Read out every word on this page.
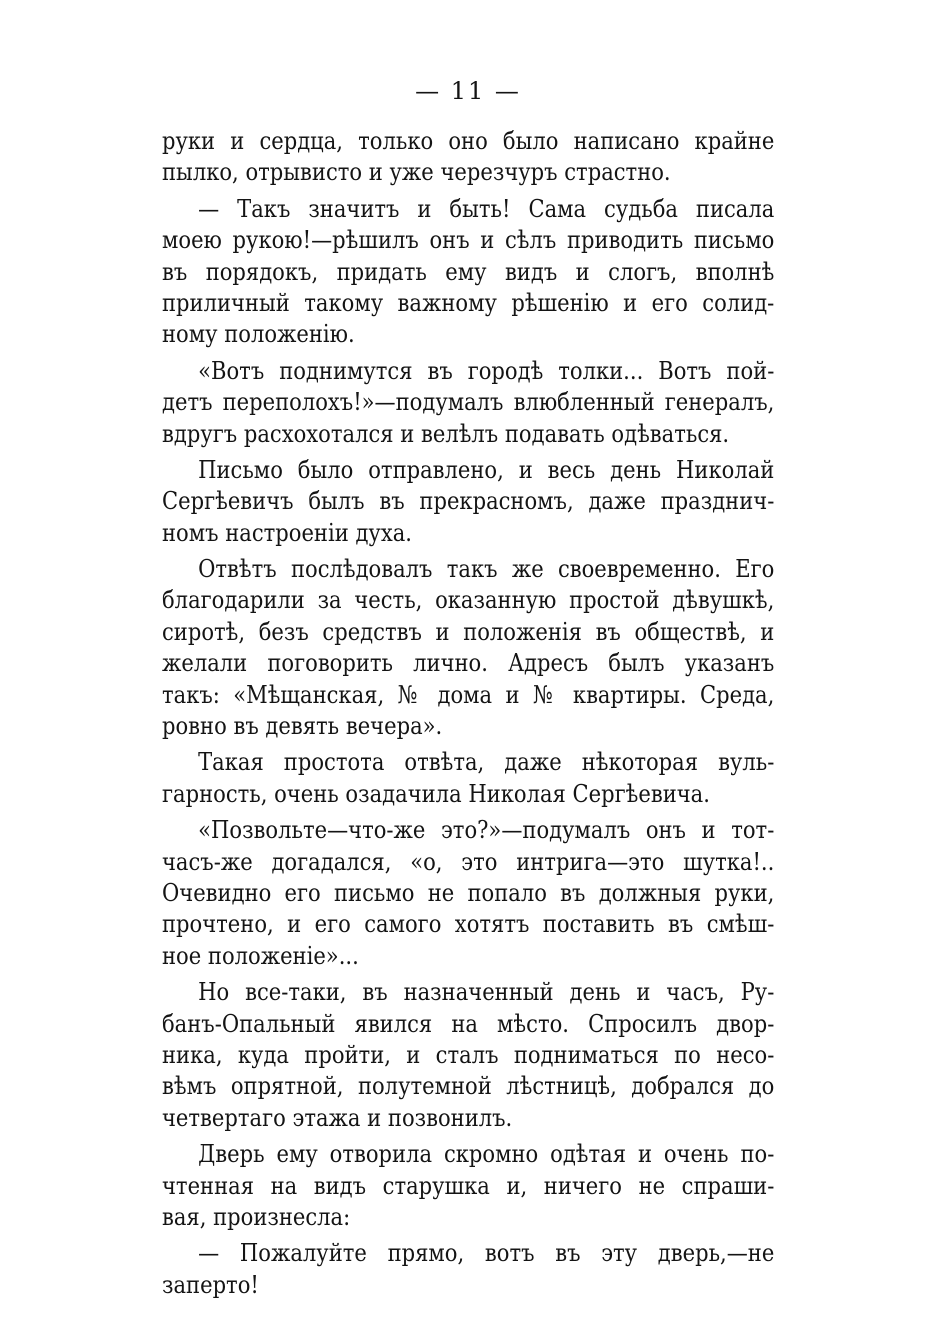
— 11 —
руки и сердца, только оно было написано крайне
пылко, отрывисто и уже черезчуръ страстно.
— Такъ значитъ и быть! Сама судьба писала
моею рукою!—рѣшилъ онъ и сѣлъ приводить письмо
въ порядокъ, придать ему видъ и слогъ, вполнѣ
приличный такому важному рѣшенію и его солид-
ному положенію.
«Вотъ поднимутся въ городѣ толки... Вотъ пой-
детъ переполохъ!»—подумалъ влюбленный генералъ,
вдругъ расхохотался и велѣлъ подавать одѣваться.
Письмо было отправлено, и весь день Николай
Сергѣевичъ былъ въ прекрасномъ, даже празднич-
номъ настроеніи духа.
Отвѣтъ послѣдовалъ такъ же своевременно. Его
благодарили за честь, оказанную простой дѣвушкѣ,
сиротѣ, безъ средствъ и положенія въ обществѣ, и
желали поговорить лично. Адресъ былъ указанъ
такъ: «Мѣщанская, № дома и № квартиры. Среда,
ровно въ девять вечера».
Такая простота отвѣта, даже нѣкоторая вуль-
гарность, очень озадачила Николая Сергѣевича.
«Позвольте—что-же это?»—подумалъ онъ и тот-
часъ-же догадался, «о, это интрига—это шутка!..
Очевидно его письмо не попало въ должныя руки,
прочтено, и его самого хотятъ поставить въ смѣш-
ное положеніе»...
Но все-таки, въ назначенный день и часъ, Ру-
банъ-Опальный явился на мѣсто. Спросилъ двор-
ника, куда пройти, и сталъ подниматься по несо-
вѣмъ опрятной, полутемной лѣстницѣ, добрался до
четвертаго этажа и позвонилъ.
Дверь ему отворила скромно одѣтая и очень по-
чтенная на видъ старушка и, ничего не спраши-
вая, произнесла:
— Пожалуйте прямо, вотъ въ эту дверь,—не
заперто!
